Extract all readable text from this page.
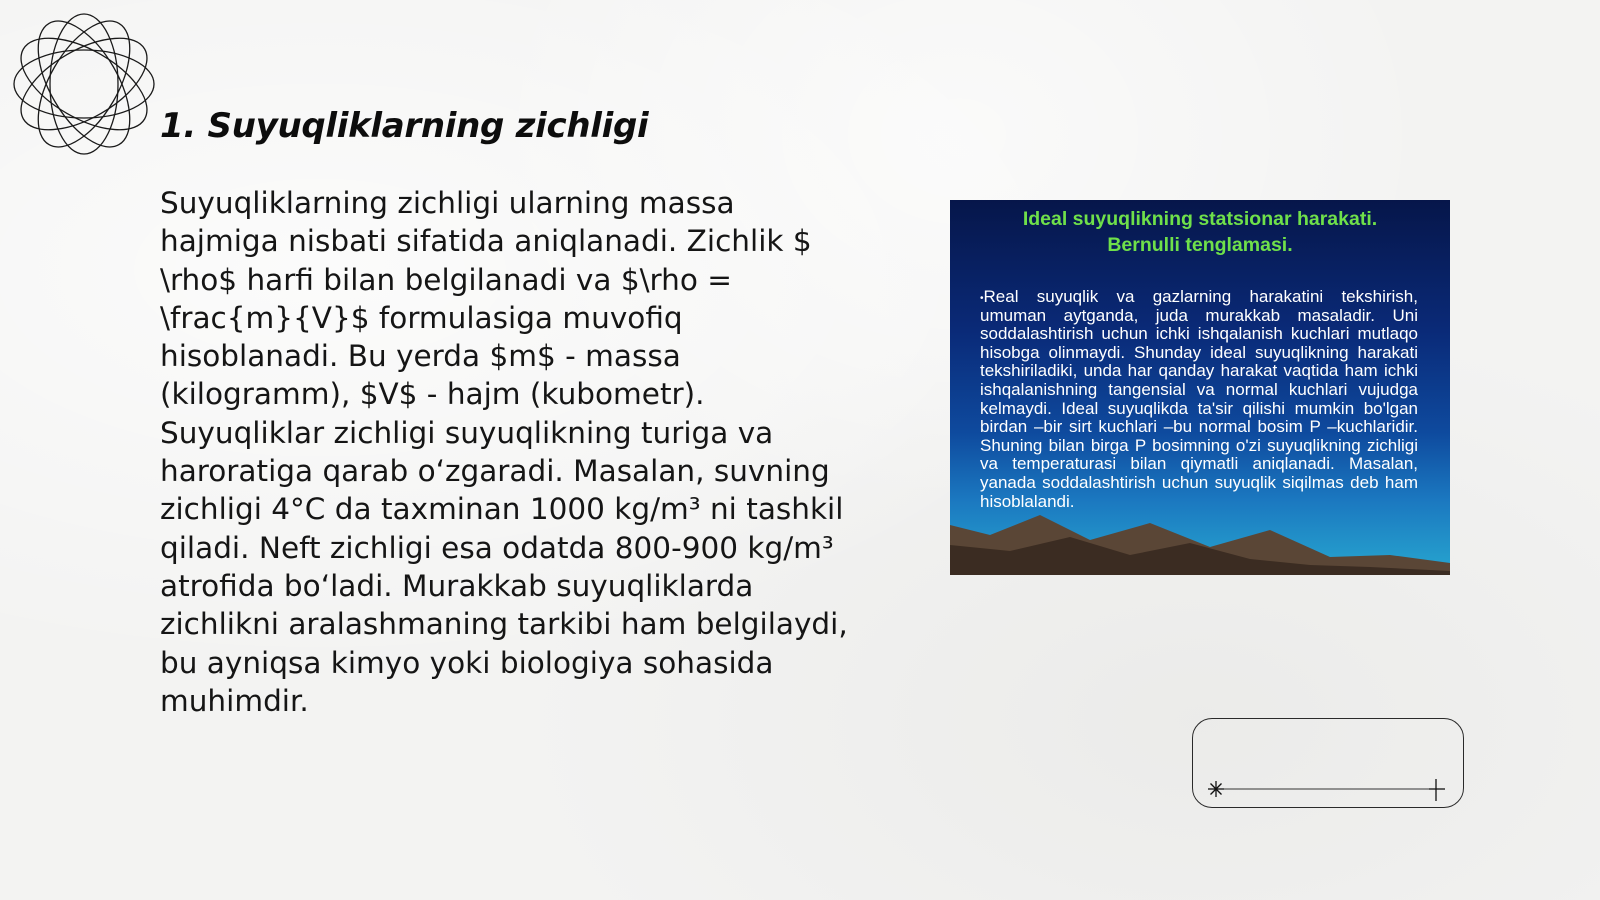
1. Suyuqliklarning zichligi

Suyuqliklarning zichligi ularning massa hajmiga nisbati sifatida aniqlanadi. Zichlik $ \rho$ harfi bilan belgilanadi va $\rho = \frac{m}{V}$ formulasiga muvofiq hisoblanadi. Bu yerda $m$ - massa (kilogramm), $V$ - hajm (kubometr). Suyuqliklar zichligi suyuqlikning turiga va haroratiga qarab o‘zgaradi. Masalan, suvning zichligi 4°C da taxminan 1000 kg/m³ ni tashkil qiladi. Neft zichligi esa odatda 800-900 kg/m³ atrofida bo‘ladi. Murakkab suyuqliklarda zichlikni aralashmaning tarkibi ham belgilaydi, bu ayniqsa kimyo yoki biologiya sohasida muhimdir.

Ideal suyuqlikning statsionar harakati.
Bernulli tenglamasi.

•Real suyuqlik va gazlarning harakatini tekshirish, umuman aytganda, juda murakkab masaladir. Uni soddalashtirish uchun ichki ishqalanish kuchlari mutlaqo hisobga olinmaydi. Shunday ideal suyuqlikning harakati tekshiriladiki, unda har qanday harakat vaqtida ham ichki ishqalanishning tangensial va normal kuchlari vujudga kelmaydi. Ideal suyuqlikda ta'sir qilishi mumkin bo'lgan birdan –bir sirt kuchlari –bu normal bosim P –kuchlaridir. Shuning bilan birga P bosimning o'zi suyuqlikning zichligi va temperaturasi bilan qiymatli aniqlanadi. Masalan, yanada soddalashtirish uchun suyuqlik siqilmas deb ham hisoblalandi.
